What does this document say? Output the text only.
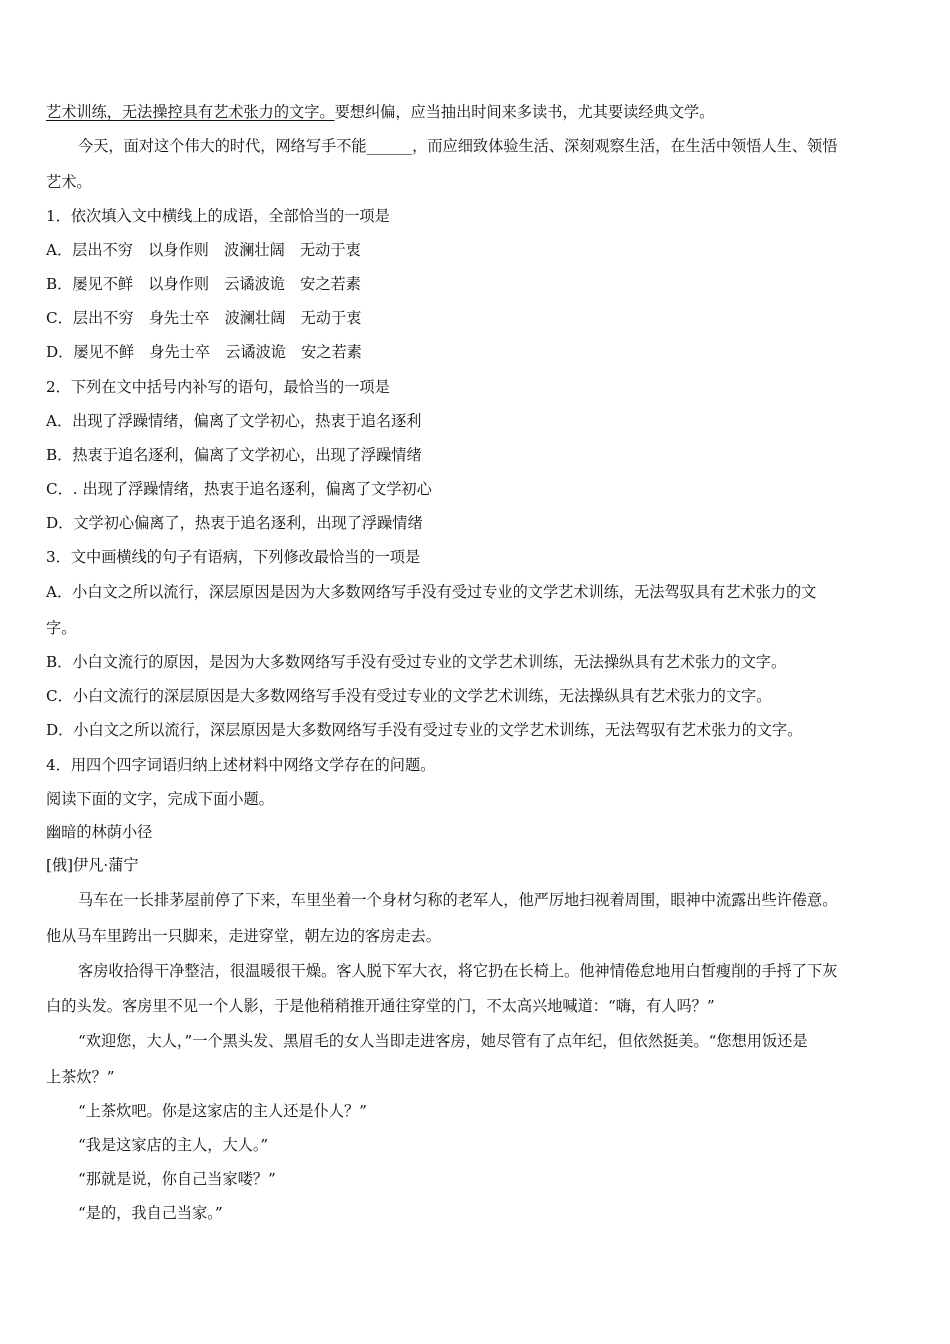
艺术训练，无法操控具有艺术张力的文字。要想纠偏，应当抽出时间来多读书，尤其要读经典文学。
今天，面对这个伟大的时代，网络写手不能______，而应细致体验生活、深刻观察生活，在生活中领悟人生、领悟
艺术。
1．依次填入文中横线上的成语，全部恰当的一项是
A．层出不穷　以身作则　波澜壮阔　无动于衷
B．屡见不鲜　以身作则　云谲波诡　安之若素
C．层出不穷　身先士卒　波澜壮阔　无动于衷
D．屡见不鲜　身先士卒　云谲波诡　安之若素
2．下列在文中括号内补写的语句，最恰当的一项是
A．出现了浮躁情绪，偏离了文学初心，热衷于追名逐利
B．热衷于追名逐利，偏离了文学初心，出现了浮躁情绪
C．. 出现了浮躁情绪，热衷于追名逐利，偏离了文学初心
D．文学初心偏离了，热衷于追名逐利，出现了浮躁情绪
3．文中画横线的句子有语病，下列修改最恰当的一项是
A．小白文之所以流行，深层原因是因为大多数网络写手没有受过专业的文学艺术训练，无法驾驭具有艺术张力的文
字。
B．小白文流行的原因，是因为大多数网络写手没有受过专业的文学艺术训练，无法操纵具有艺术张力的文字。
C．小白文流行的深层原因是大多数网络写手没有受过专业的文学艺术训练，无法操纵具有艺术张力的文字。
D．小白文之所以流行，深层原因是大多数网络写手没有受过专业的文学艺术训练，无法驾驭有艺术张力的文字。
4．用四个四字词语归纳上述材料中网络文学存在的问题。
阅读下面的文字，完成下面小题。
幽暗的林荫小径
[俄]伊凡·蒲宁
马车在一长排茅屋前停了下来，车里坐着一个身材匀称的老军人，他严厉地扫视着周围，眼神中流露出些许倦意。
他从马车里跨出一只脚来，走进穿堂，朝左边的客房走去。
客房收拾得干净整洁，很温暖很干燥。客人脱下军大衣，将它扔在长椅上。他神情倦怠地用白皙瘦削的手捋了下灰
白的头发。客房里不见一个人影，于是他稍稍推开通往穿堂的门，不太高兴地喊道：“嗨，有人吗？”
“欢迎您，大人，”一个黑头发、黑眉毛的女人当即走进客房，她尽管有了点年纪，但依然挺美。“您想用饭还是
上茶炊？”
“上茶炊吧。你是这家店的主人还是仆人？”
“我是这家店的主人，大人。”
“那就是说，你自己当家喽？”
“是的，我自己当家。”
